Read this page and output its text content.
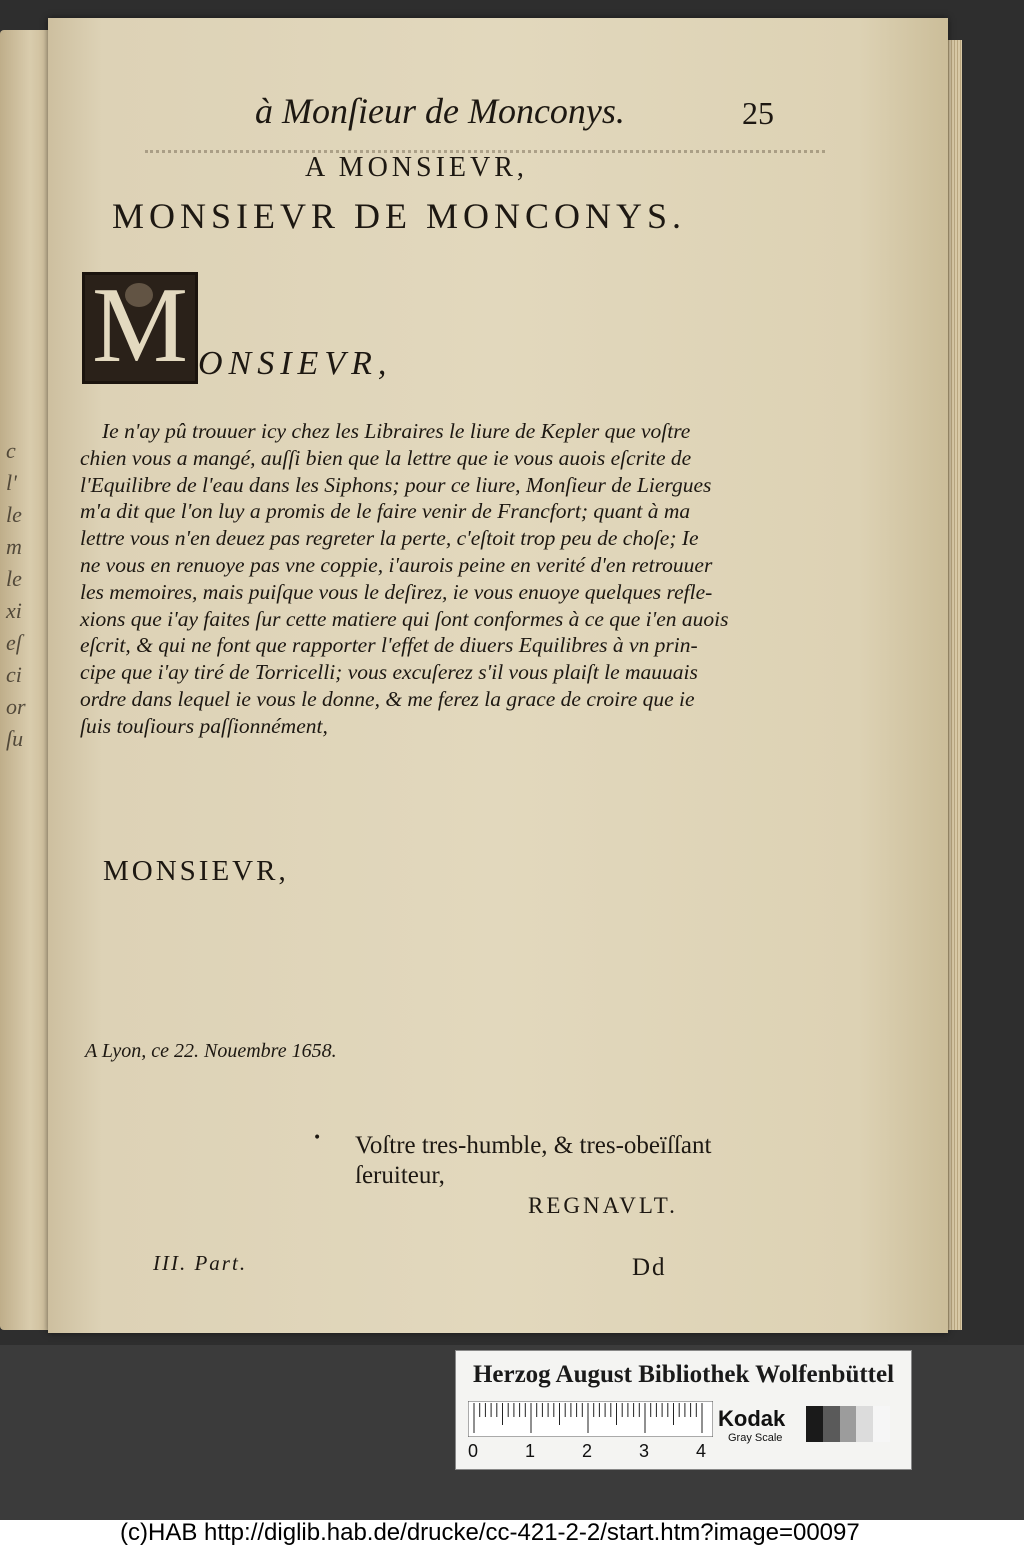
c
l'
le
m
le
xi
eſ
ci
or
ſu
à Monſieur de Monconys.	25
A MONSIEVR,
MONSIEVR DE MONCONYS.
M ONSIEVR,
Ie n'ay pû trouuer icy chez les Libraires le liure de Kepler que voſtre
chien vous a mangé, auſſi bien que la lettre que ie vous auois eſcrite de
l'Equilibre de l'eau dans les Siphons; pour ce liure, Monſieur de Liergues
m'a dit que l'on luy a promis de le faire venir de Francfort; quant à ma
lettre vous n'en deuez pas regreter la perte, c'eſtoit trop peu de choſe; Ie
ne vous en renuoye pas vne coppie, i'aurois peine en verité d'en retrouuer
les memoires, mais puiſque vous le deſirez, ie vous enuoye quelques refle-
xions que i'ay faites ſur cette matiere qui ſont conformes à ce que i'en auois
eſcrit, & qui ne font que rapporter l'effet de diuers Equilibres à vn prin-
cipe que i'ay tiré de Torricelli; vous excuſerez s'il vous plaiſt le mauuais
ordre dans lequel ie vous le donne, & me ferez la grace de croire que ie
ſuis touſiours paſſionnément,
MONSIEVR,
A Lyon, ce 22. Nouembre 1658.
• Voſtre tres-humble, & tres-obeïſſant
ſeruiteur,
REGNAVLT.
III. Part.	Dd
Herzog August Bibliothek Wolfenbüttel
0	1	2	3	4
Kodak
Gray Scale
(c)HAB http://diglib.hab.de/drucke/cc-421-2-2/start.htm?image=00097
